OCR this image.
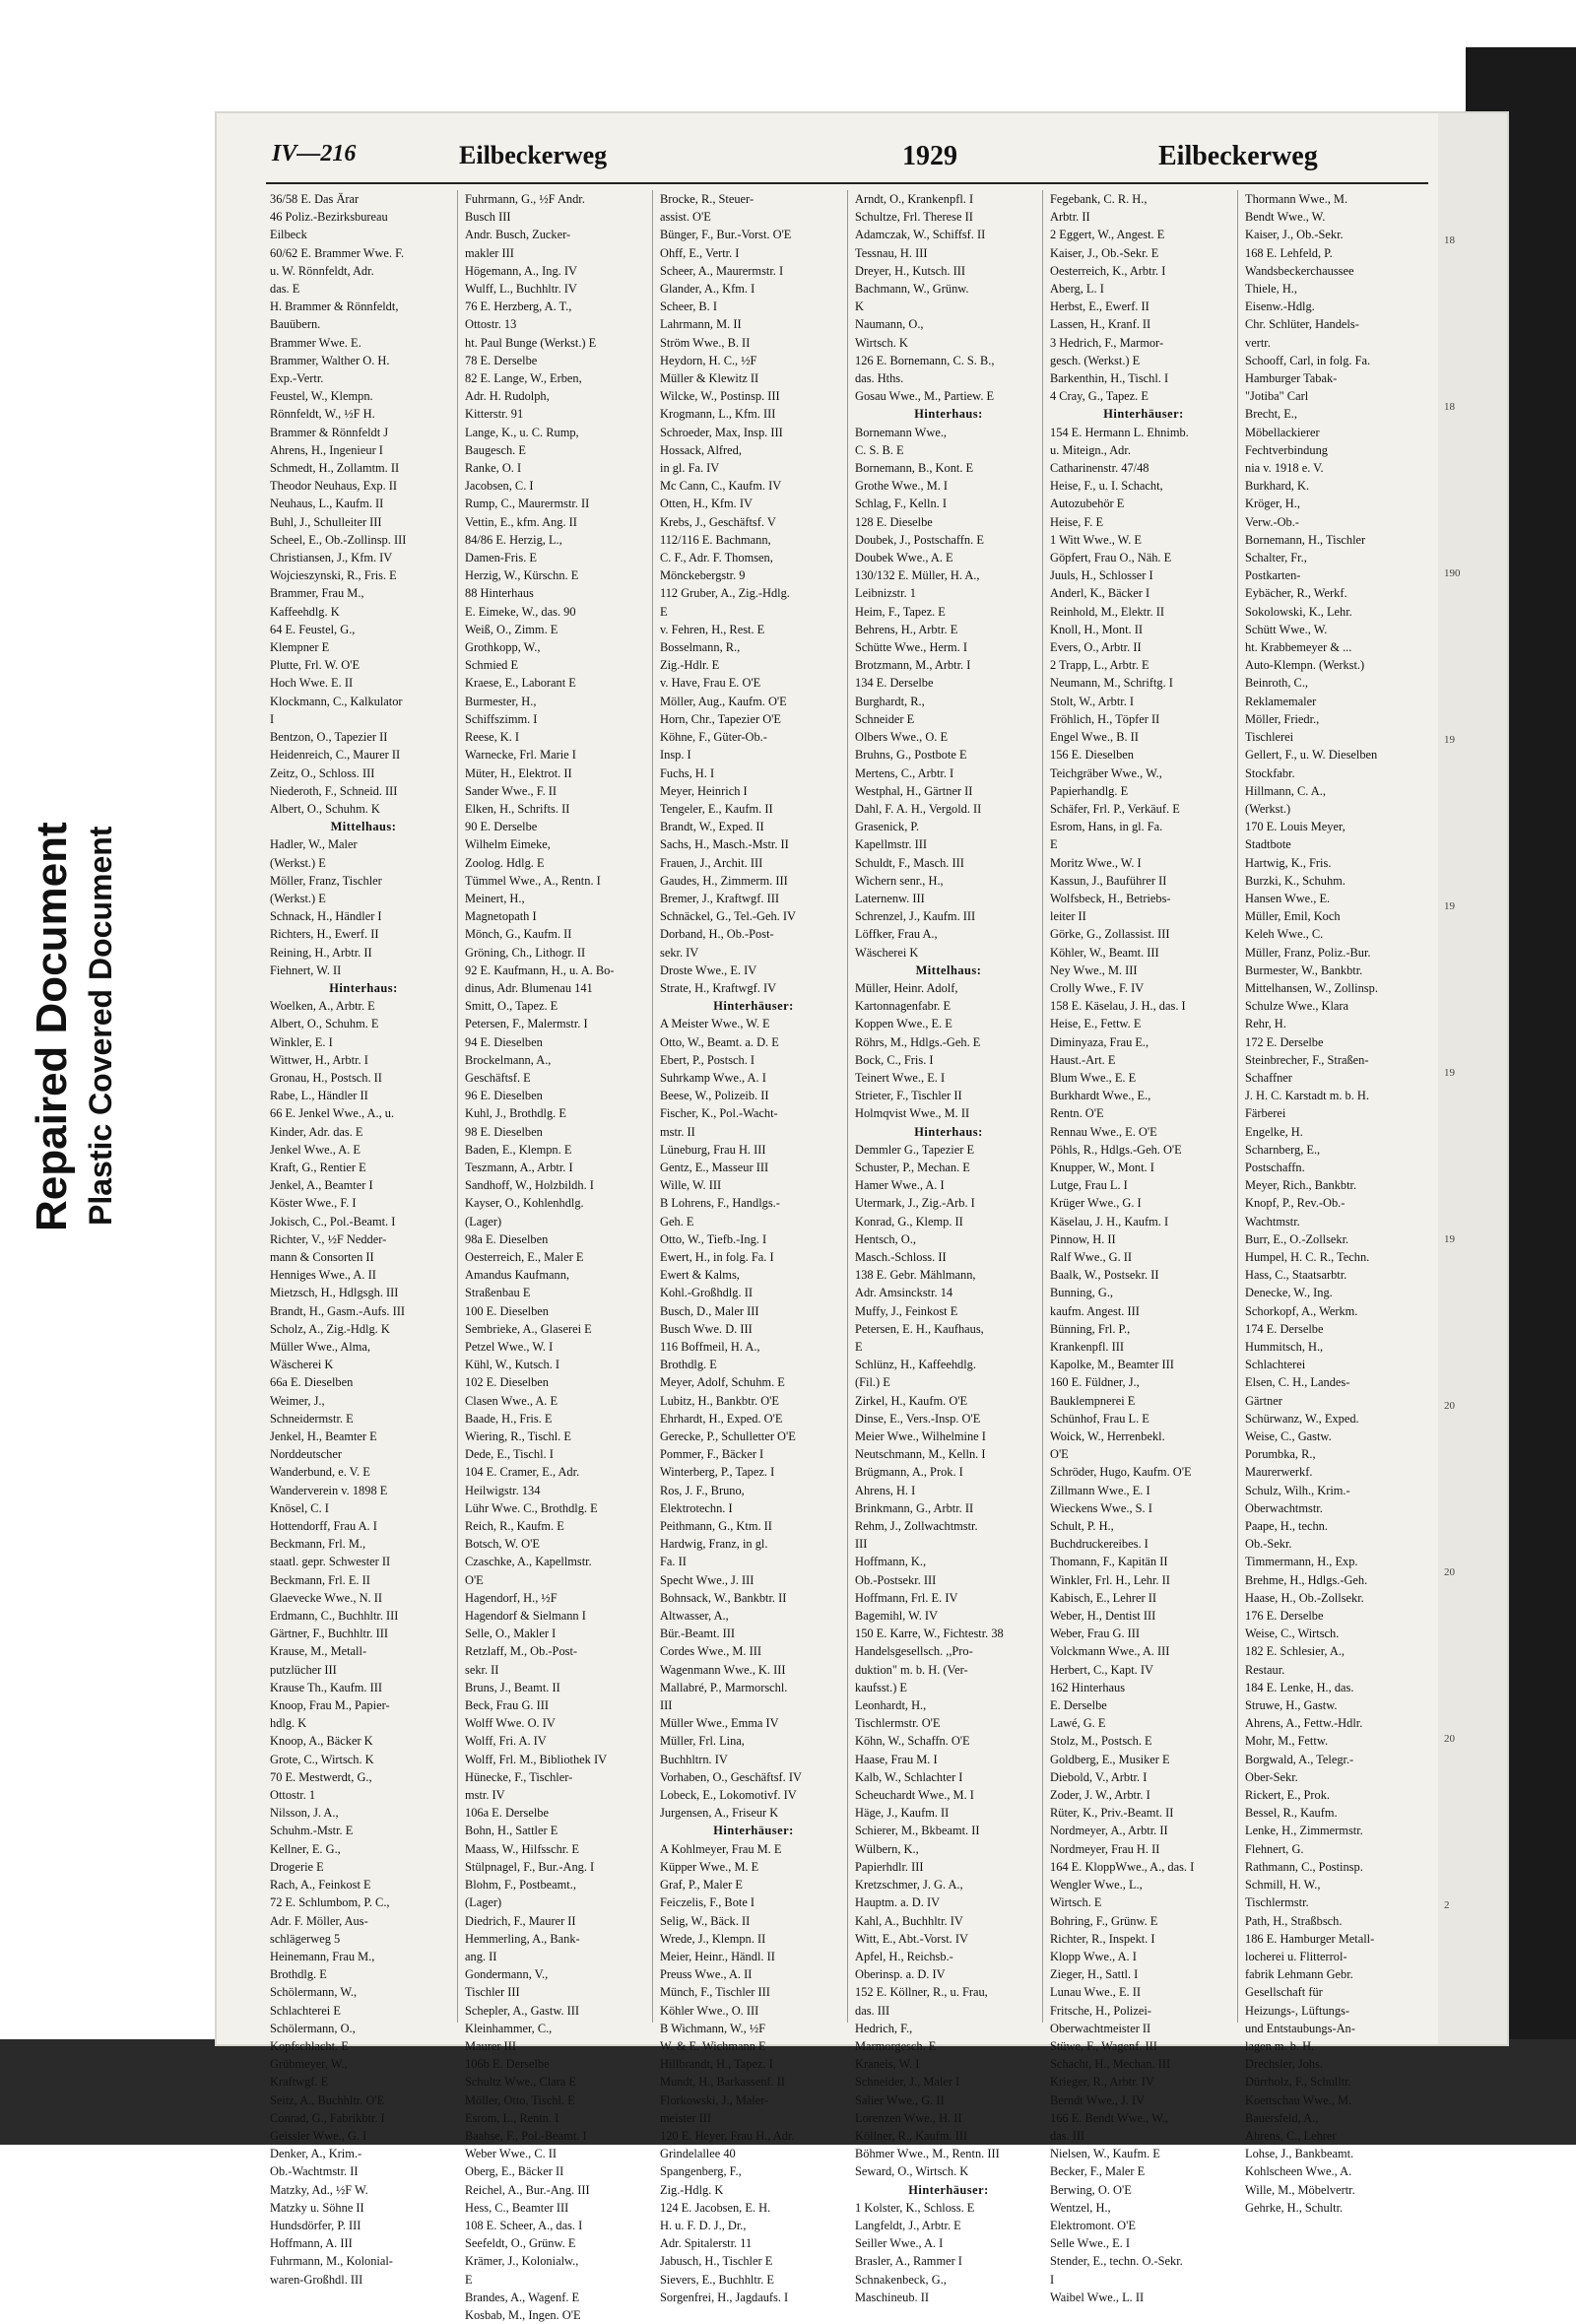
Repaired Document Plastic Covered Document
IV—216	Eilbeckerweg	1929	Eilbeckerweg
36/58 E. Das Ärar
46 Poliz.-Bezirksbureau
Eilbeck
60/62 E. Brammer Wwe. F.
u. W. Rönnfeldt, Adr.
das. E
H. Brammer & Rönnfeldt,
Bauübern.
Brammer Wwe. E.
Brammer, Walther O. H.
Exp.-Vertr.
Feustel, W., Klempn.
Rönnfeldt, W., ½F H.
Brammer & Rönnfeldt J
Ahrens, H., Ingenieur I
Schmedt, H., Zollamtm. II
Theodor Neuhaus, Exp. II
Neuhaus, L., Kaufm. II
Buhl, J., Schulleiter III
Scheel, E., Ob.-Zollinsp. III
Christiansen, J., Kfm. IV
Wojcieszynski, R., Fris. E
Brammer, Frau M.,
Kaffeehdlg. K
64 E. Feustel, G.,
Klempner E
Plutte, Frl. W. O'E
Hoch Wwe. E. II
Klockmann, C., Kalkulator
I
Bentzon, O., Tapezier II
Heidenreich, C., Maurer II
Zeitz, O., Schloss. III
Niederoth, F., Schneid. III
Albert, O., Schuhm. K
Mittelhaus:
Hadler, W., Maler
(Werkst.) E
Möller, Franz, Tischler
(Werkst.) E
Schnack, H., Händler I
Richters, H., Ewerf. II
Reining, H., Arbtr. II
Fiehnert, W. II
Hinterhaus:
Woelken, A., Arbtr. E
Albert, O., Schuhm. E
Winkler, E. I
Wittwer, H., Arbtr. I
Gronau, H., Postsch. II
Rabe, L., Händler II
66 E. Jenkel Wwe., A., u.
Kinder, Adr. das. E
Jenkel Wwe., A. E
Kraft, G., Rentier E
Jenkel, A., Beamter I
Köster Wwe., F. I
Jokisch, C., Pol.-Beamt. I
Richter, V., ½F Nedder-
mann & Consorten II
Henniges Wwe., A. II
Mietzsch, H., Hdlgsgh. III
Brandt, H., Gasm.-Aufs. III
Scholz, A., Zig.-Hdlg. K
Müller Wwe., Alma,
Wäscherei K
66a E. Dieselben
Weimer, J.,
Schneidermstr. E
Jenkel, H., Beamter E
Norddeutscher
Wanderbund, e. V. E
Wanderverein v. 1898 E
Knösel, C. I
Hottendorff, Frau A. I
Beckmann, Frl. M.,
staatl. gepr. Schwester II
Beckmann, Frl. E. II
Glaevecke Wwe., N. II
Erdmann, C., Buchhltr. III
Gärtner, F., Buchhltr. III
Krause, M., Metall-
putzlücher III
Krause Th., Kaufm. III
Knoop, Frau M., Papier-
hdlg. K
Knoop, A., Bäcker K
Grote, C., Wirtsch. K
70 E. Mestwerdt, G.,
Ottostr. 1
Nilsson, J. A.,
Schuhm.-Mstr. E
Kellner, E. G.,
Drogerie E
Rach, A., Feinkost E
72 E. Schlumbom, P. C.,
Adr. F. Möller, Aus-
schlägerweg 5
Heinemann, Frau M.,
Brothdlg. E
Schölermann, W.,
Schlachterei E
Schölermann, O.,
Kopfschlacht. E
Grübmeyer, W.,
Kraftwgf. E
Seitz, A., Buchhltr. O'E
Conrad, G., Fabrikbtr. I
Geissler Wwe., G. I
Denker, A., Krim.-
Ob.-Wachtmstr. II
Matzky, Ad., ½F W.
Matzky u. Söhne II
Hundsdörfer, P. III
Hoffmann, A. III
Fuhrmann, M., Kolonial-
waren-Großhdl. III
Fuhrmann, G., ½F Andr.
Busch III
Andr. Busch, Zucker-
makler III
Högemann, A., Ing. IV
Wulff, L., Buchhltr. IV
76 E. Herzberg, A. T.,
Ottostr. 13
ht. Paul Bunge (Werkst.) E
78 E. Derselbe
82 E. Lange, W., Erben,
Adr. H. Rudolph,
Kitterstr. 91
Lange, K., u. C. Rump,
Baugesch. E
Ranke, O. I
Jacobsen, C. I
Rump, C., Maurermstr. II
Vettin, E., kfm. Ang. II
84/86 E. Herzig, L.,
Damen-Fris. E
Herzig, W., Kürschn. E
88 Hinterhaus
E. Eimeke, W., das. 90
Weiß, O., Zimm. E
Grothkopp, W.,
Schmied E
Kraese, E., Laborant E
Burmester, H.,
Schiffszimm. I
Reese, K. I
Warnecke, Frl. Marie I
Müter, H., Elektrot. II
Sander Wwe., F. II
Elken, H., Schrifts. II
90 E. Derselbe
Wilhelm Eimeke,
Zoolog. Hdlg. E
Tümmel Wwe., A., Rentn. I
Meinert, H.,
Magnetopath I
Mönch, G., Kaufm. II
Gröning, Ch., Lithogr. II
92 E. Kaufmann, H., u. A. Bo-
dinus, Adr. Blumenau 141
Smitt, O., Tapez. E
Petersen, F., Malermstr. I
94 E. Dieselben
Brockelmann, A.,
Geschäftsf. E
96 E. Dieselben
Kuhl, J., Brothdlg. E
98 E. Dieselben
Baden, E., Klempn. E
Teszmann, A., Arbtr. I
Sandhoff, W., Holzbildh. I
Kayser, O., Kohlenhdlg.
(Lager)
98a E. Dieselben
Oesterreich, E., Maler E
Amandus Kaufmann,
Straßenbau E
100 E. Dieselben
Sembrieke, A., Glaserei E
Petzel Wwe., W. I
Kühl, W., Kutsch. I
102 E. Dieselben
Clasen Wwe., A. E
Baade, H., Fris. E
Wiering, R., Tischl. E
Dede, E., Tischl. I
104 E. Cramer, E., Adr.
Heilwigstr. 134
Lühr Wwe. C., Brothdlg. E
Reich, R., Kaufm. E
Botsch, W. O'E
Czaschke, A., Kapellmstr.
O'E
Hagendorf, H., ½F
Hagendorf & Sielmann I
Selle, O., Makler I
Retzlaff, M., Ob.-Post-
sekr. II
Bruns, J., Beamt. II
Beck, Frau G. III
Wolff Wwe. O. IV
Wolff, Fri. A. IV
Wolff, Frl. M., Bibliothek IV
Hünecke, F., Tischler-
mstr. IV
106a E. Derselbe
Bohn, H., Sattler E
Maass, W., Hilfsschr. E
Stülpnagel, F., Bur.-Ang. I
Blohm, F., Postbeamt.,
(Lager)
Diedrich, F., Maurer II
Hemmerling, A., Bank-
ang. II
Gondermann, V.,
Tischler III
Schepler, A., Gastw. III
Kleinhammer, C.,
Maurer III
106b E. Derselbe
Schultz Wwe., Clara E
Möller, Otto, Tischl. E
Esrom, L., Rentn. I
Baahse, F., Pol.-Beamt. I
Weber Wwe., C. II
Oberg, E., Bäcker II
Reichel, A., Bur.-Ang. III
Hess, C., Beamter III
108 E. Scheer, A., das. I
Seefeldt, O., Grünw. E
Krämer, J., Kolonialw.,
E
Brandes, A., Wagenf. E
Kosbab, M., Ingen. O'E
Brocke, R., Steuer-
assist. O'E
Bünger, F., Bur.-Vorst. O'E
Ohff, E., Vertr. I
Scheer, A., Maurermstr. I
Glander, A., Kfm. I
Scheer, B. I
Lahrmann, M. II
Ström Wwe., B. II
Heydorn, H. C., ½F
Müller & Klewitz II
Wilcke, W., Postinsp. III
Krogmann, L., Kfm. III
Schroeder, Max, Insp. III
Hossack, Alfred,
in gl. Fa. IV
Mc Cann, C., Kaufm. IV
Otten, H., Kfm. IV
Krebs, J., Geschäftsf. V
112/116 E. Bachmann,
C. F., Adr. F. Thomsen,
Mönckebergstr. 9
112 Gruber, A., Zig.-Hdlg.
E
v. Fehren, H., Rest. E
Bosselmann, R.,
Zig.-Hdlr. E
v. Have, Frau E. O'E
Möller, Aug., Kaufm. O'E
Horn, Chr., Tapezier O'E
Köhne, F., Güter-Ob.-
Insp. I
Fuchs, H. I
Meyer, Heinrich I
Tengeler, E., Kaufm. II
Brandt, W., Exped. II
Sachs, H., Masch.-Mstr. II
Frauen, J., Archit. III
Gaudes, H., Zimmerm. III
Bremer, J., Kraftwgf. III
Schnäckel, G., Tel.-Geh. IV
Dorband, H., Ob.-Post-
sekr. IV
Droste Wwe., E. IV
Strate, H., Kraftwgf. IV
Hinterhäuser:
A Meister Wwe., W. E
Otto, W., Beamt. a. D. E
Ebert, P., Postsch. I
Suhrkamp Wwe., A. I
Beese, W., Polizeib. II
Fischer, K., Pol.-Wacht-
mstr. II
Lüneburg, Frau H. III
Gentz, E., Masseur III
Wille, W. III
B Lohrens, F., Handlgs.-
Geh. E
Otto, W., Tiefb.-Ing. I
Ewert, H., in folg. Fa. I
Ewert & Kalms,
Kohl.-Großhdlg. II
Busch, D., Maler III
Busch Wwe. D. III
116 Boffmeil, H. A.,
Brothdlg. E
Meyer, Adolf, Schuhm. E
Lubitz, H., Bankbtr. O'E
Ehrhardt, H., Exped. O'E
Gerecke, P., Schulletter O'E
Pommer, F., Bäcker I
Winterberg, P., Tapez. I
Ros, J. F., Bruno,
Elektrotechn. I
Peithmann, G., Ktm. II
Hardwig, Franz, in gl.
Fa. II
Specht Wwe., J. III
Bohnsack, W., Bankbtr. II
Altwasser, A.,
Bür.-Beamt. III
Cordes Wwe., M. III
Wagenmann Wwe., K. III
Mallabré, P., Marmorschl.
III
Müller Wwe., Emma IV
Müller, Frl. Lina,
Buchhltrn. IV
Vorhaben, O., Geschäftsf. IV
Lobeck, E., Lokomotivf. IV
Jurgensen, A., Friseur K
Hinterhäuser:
A Kohlmeyer, Frau M. E
Küpper Wwe., M. E
Graf, P., Maler E
Feiczelis, F., Bote I
Selig, W., Bäck. II
Wrede, J., Klempn. II
Meier, Heinr., Händl. II
Preuss Wwe., A. II
Münch, F., Tischler III
Köhler Wwe., O. III
B Wichmann, W., ½F
W. & E. Wichmann E
Hillbrandt, H., Tapez. I
Mundt, H., Barkassenf. II
Florkowski, J., Maler-
meister III
120 E. Heyer, Frau H., Adr.
Grindelallee 40
Spangenberg, F.,
Zig.-Hdlg. K
124 E. Jacobsen, E. H.
H. u. F. D. J., Dr.,
Adr. Spitalerstr. 11
Jabusch, H., Tischler E
Sievers, E., Buchhltr. E
Sorgenfrei, H., Jagdaufs. I
Arndt, O., Krankenpfl. I
Schultze, Frl. Therese II
Adamczak, W., Schiffsf. II
Tessnau, H. III
Dreyer, H., Kutsch. III
Bachmann, W., Grünw.
K
Naumann, O.,
Wirtsch. K
126 E. Bornemann, C. S. B.,
das. Hths.
Gosau Wwe., M., Partiew. E
Hinterhaus:
Bornemann Wwe.,
C. S. B. E
Bornemann, B., Kont. E
Grothe Wwe., M. I
Schlag, F., Kelln. I
128 E. Dieselbe
Doubek, J., Postschaffn. E
Doubek Wwe., A. E
130/132 E. Müller, H. A.,
Leibnizstr. 1
Heim, F., Tapez. E
Behrens, H., Arbtr. E
Schütte Wwe., Herm. I
Brotzmann, M., Arbtr. I
134 E. Derselbe
Burghardt, R.,
Schneider E
Olbers Wwe., O. E
Bruhns, G., Postbote E
Mertens, C., Arbtr. I
Westphal, H., Gärtner II
Dahl, F. A. H., Vergold. II
Grasenick, P.
Kapellmstr. III
Schuldt, F., Masch. III
Wichern senr., H.,
Laternenw. III
Schrenzel, J., Kaufm. III
Löffker, Frau A.,
Wäscherei K
Mittelhaus:
Müller, Heinr. Adolf,
Kartonnagenfabr. E
Koppen Wwe., E. E
Röhrs, M., Hdlgs.-Geh. E
Bock, C., Fris. I
Teinert Wwe., E. I
Strieter, F., Tischler II
Holmqvist Wwe., M. II
Hinterhaus:
Demmler G., Tapezier E
Schuster, P., Mechan. E
Hamer Wwe., A. I
Utermark, J., Zig.-Arb. I
Konrad, G., Klemp. II
Hentsch, O.,
Masch.-Schloss. II
138 E. Gebr. Mählmann,
Adr. Amsinckstr. 14
Muffy, J., Feinkost E
Petersen, E. H., Kaufhaus,
E
Schlünz, H., Kaffeehdlg.
(Fil.) E
Zirkel, H., Kaufm. O'E
Dinse, E., Vers.-Insp. O'E
Meier Wwe., Wilhelmine I
Neutschmann, M., Kelln. I
Brügmann, A., Prok. I
Ahrens, H. I
Brinkmann, G., Arbtr. II
Rehm, J., Zollwachtmstr.
III
Hoffmann, K.,
Ob.-Postsekr. III
Hoffmann, Frl. E. IV
Bagemihl, W. IV
150 E. Karre, W., Fichtestr. 38
Handelsgesellsch. ,,Pro-
duktion" m. b. H. (Ver-
kaufsst.) E
Leonhardt, H.,
Tischlermstr. O'E
Köhn, W., Schaffn. O'E
Haase, Frau M. I
Kalb, W., Schlachter I
Scheuchardt Wwe., M. I
Häge, J., Kaufm. II
Schierer, M., Bkbeamt. II
Wülbern, K.,
Papierhdlr. III
Kretzschmer, J. G. A.,
Hauptm. a. D. IV
Kahl, A., Buchhltr. IV
Witt, E., Abt.-Vorst. IV
Apfel, H., Reichsb.-
Oberinsp. a. D. IV
152 E. Köllner, R., u. Frau,
das. III
Hedrich, F.,
Marmorgesch. E
Kraneis, W. I
Schneider, J., Maler I
Salier Wwe., G. II
Lorenzen Wwe., H. II
Köllner, R., Kaufm. III
Böhmer Wwe., M., Rentn. III
Seward, O., Wirtsch. K
Hinterhäuser:
1 Kolster, K., Schloss. E
Langfeldt, J., Arbtr. E
Seiller Wwe., A. I
Brasler, A., Rammer I
Schnakenbeck, G.,
Maschineub. II
Fegebank, C. R. H.,
Arbtr. II
2 Eggert, W., Angest. E
Kaiser, J., Ob.-Sekr. E
Oesterreich, K., Arbtr. I
Aberg, L. I
Herbst, E., Ewerf. II
Lassen, H., Kranf. II
3 Hedrich, F., Marmor-
gesch. (Werkst.) E
Barkenthin, H., Tischl. I
4 Cray, G., Tapez. E
Hinterhäuser:
154 E. Hermann L. Ehnimb.
u. Miteign., Adr.
Catharinenstr. 47/48
Heise, F., u. I. Schacht,
Autozubehör E
Heise, F. E
1 Witt Wwe., W. E
Göpfert, Frau O., Näh. E
Juuls, H., Schlosser I
Anderl, K., Bäcker I
Reinhold, M., Elektr. II
Knoll, H., Mont. II
Evers, O., Arbtr. II
2 Trapp, L., Arbtr. E
Neumann, M., Schriftg. I
Stolt, W., Arbtr. I
Fröhlich, H., Töpfer II
Engel Wwe., B. II
156 E. Dieselben
Teichgräber Wwe., W.,
Papierhandlg. E
Schäfer, Frl. P., Verkäuf. E
Esrom, Hans, in gl. Fa.
E
Moritz Wwe., W. I
Kassun, J., Bauführer II
Wolfsbeck, H., Betriebs-
leiter II
Görke, G., Zollassist. III
Köhler, W., Beamt. III
Ney Wwe., M. III
Crolly Wwe., F. IV
158 E. Käselau, J. H., das. I
Heise, E., Fettw. E
Diminyaza, Frau E.,
Haust.-Art. E
Blum Wwe., E. E
Burkhardt Wwe., E.,
Rentn. O'E
Rennau Wwe., E. O'E
Pöhls, R., Hdlgs.-Geh. O'E
Knupper, W., Mont. I
Lutge, Frau L. I
Krüger Wwe., G. I
Käselau, J. H., Kaufm. I
Pinnow, H. II
Ralf Wwe., G. II
Baalk, W., Postsekr. II
Bunning, G.,
kaufm. Angest. III
Bünning, Frl. P.,
Krankenpfl. III
Kapolke, M., Beamter III
160 E. Füldner, J.,
Bauklempnerei E
Schünhof, Frau L. E
Woick, W., Herrenbekl.
O'E
Schröder, Hugo, Kaufm. O'E
Zillmann Wwe., E. I
Wieckens Wwe., S. I
Schult, P. H.,
Buchdruckereibes. I
Thomann, F., Kapitän II
Winkler, Frl. H., Lehr. II
Kabisch, E., Lehrer II
Weber, H., Dentist III
Weber, Frau G. III
Volckmann Wwe., A. III
Herbert, C., Kapt. IV
162 Hinterhaus
E. Derselbe
Lawé, G. E
Stolz, M., Postsch. E
Goldberg, E., Musiker E
Diebold, V., Arbtr. I
Zoder, J. W., Arbtr. I
Rüter, K., Priv.-Beamt. II
Nordmeyer, A., Arbtr. II
Nordmeyer, Frau H. II
164 E. KloppWwe., A., das. I
Wengler Wwe., L.,
Wirtsch. E
Bohring, F., Grünw. E
Richter, R., Inspekt. I
Klopp Wwe., A. I
Zieger, H., Sattl. I
Lunau Wwe., E. II
Fritsche, H., Polizei-
Oberwachtmeister II
Stüwe, F., Wagenf. III
Schacht, H., Mechan. III
Krieger, R., Arbtr. IV
Berndt Wwe., J. IV
166 E. Bendt Wwe., W.,
das. III
Nielsen, W., Kaufm. E
Becker, F., Maler E
Berwing, O. O'E
Wentzel, H.,
Elektromont. O'E
Selle Wwe., E. I
Stender, E., techn. O.-Sekr.
I
Waibel Wwe., L. II
Thormann Wwe., M.
Bendt Wwe., W.
Kaiser, J., Ob.-Sekr.
168 E. Lehfeld, P.
Wandsbeckerchaussee
Thiele, H.,
Eisenw.-Hdlg.
Chr. Schlüter, Handels-
vertr.
Schooff, Carl, in folg. Fa.
Hamburger Tabak-
"Jotiba" Carl
Brecht, E.,
Möbellackierer
Fechtverbindung
nia v. 1918 e. V.
Burkhard, K.
Kröger, H.,
Verw.-Ob.-
Bornemann, H., Tischler
Schalter, Fr.,
Postkarten-
Eybächer, R., Werkf.
Sokolowski, K., Lehr.
Schütt Wwe., W.
ht. Krabbemeyer & ...
Auto-Klempn. (Werkst.)
Beinroth, C.,
Reklamemaler
Möller, Friedr.,
Tischlerei
Gellert, F., u. W. Dieselben
Stockfabr.
Hillmann, C. A.,
(Werkst.)
170 E. Louis Meyer,
Stadtbote
Hartwig, K., Fris.
Burzki, K., Schuhm.
Hansen Wwe., E.
Müller, Emil, Koch
Keleh Wwe., C.
Müller, Franz, Poliz.-Bur.
Burmester, W., Bankbtr.
Mittelhansen, W., Zollinsp.
Schulze Wwe., Klara
Rehr, H.
172 E. Derselbe
Steinbrecher, F., Straßen-
Schaffner
J. H. C. Karstadt m. b. H.
Färberei
Engelke, H.
Scharnberg, E.,
Postschaffn.
Meyer, Rich., Bankbtr.
Knopf, P., Rev.-Ob.-
Wachtmstr.
Burr, E., O.-Zollsekr.
Humpel, H. C. R., Techn.
Hass, C., Staatsarbtr.
Denecke, W., Ing.
Schorkopf, A., Werkm.
174 E. Derselbe
Hummitsch, H.,
Schlachterei
Elsen, C. H., Landes-
Gärtner
Schürwanz, W., Exped.
Weise, C., Gastw.
Porumbka, R.,
Maurerwerkf.
Schulz, Wilh., Krim.-
Oberwachtmstr.
Paape, H., techn.
Ob.-Sekr.
Timmermann, H., Exp.
Brehme, H., Hdlgs.-Geh.
Haase, H., Ob.-Zollsekr.
176 E. Derselbe
Weise, C., Wirtsch.
182 E. Schlesier, A.,
Restaur.
184 E. Lenke, H., das.
Struwe, H., Gastw.
Ahrens, A., Fettw.-Hdlr.
Mohr, M., Fettw.
Borgwald, A., Telegr.-
Ober-Sekr.
Rickert, E., Prok.
Bessel, R., Kaufm.
Lenke, H., Zimmermstr.
Flehnert, G.
Rathmann, C., Postinsp.
Schmill, H. W.,
Tischlermstr.
Path, H., Straßbsch.
186 E. Hamburger Metall-
locherei u. Flitterrol-
fabrik Lehmann Gebr.
Gesellschaft für
Heizungs-, Lüftungs-
und Entstaubungs-An-
lagen m. b. H.
Drechsler, Johs.
Dürrholz, F., Schulltr.
Koettschau Wwe., M.
Bauersfeld, A.,
Ahrens, C., Lehrer
Lohse, J., Bankbeamt.
Kohlscheen Wwe., A.
Wille, M., Möbelvertr.
Gehrke, H., Schultr.
18
18
190
19
19
19
19
20
20
20
2
